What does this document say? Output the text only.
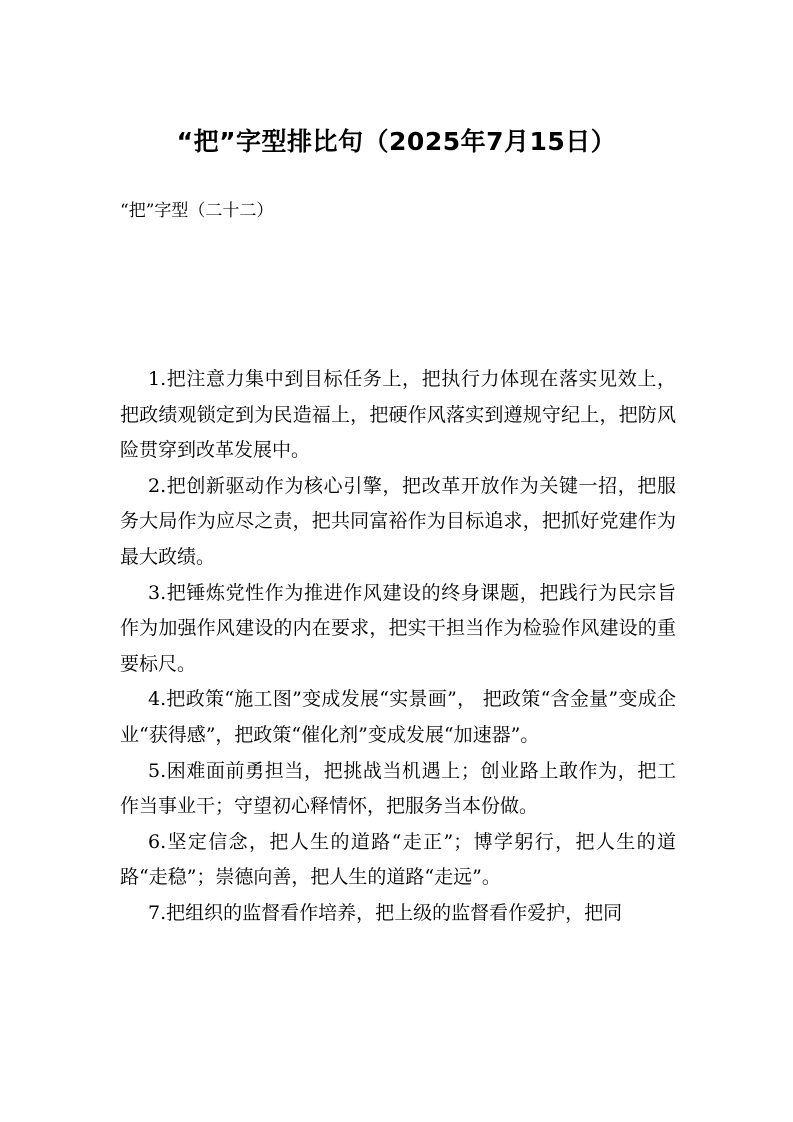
“把”字型排比句（2025年7月15日）
“把”字型（二十二）

1.把注意力集中到目标任务上，把执行力体现在落实见效上，把政绩观锁定到为民造福上，把硬作风落实到遵规守纪上，把防风险贯穿到改革发展中。

2.把创新驱动作为核心引擎，把改革开放作为关键一招，把服务大局作为应尽之责，把共同富裕作为目标追求，把抓好党建作为最大政绩。

3.把锤炼党性作为推进作风建设的终身课题，把践行为民宗旨作为加强作风建设的内在要求，把实干担当作为检验作风建设的重要标尺。

4.把政策“施工图”变成发展“实景画”， 把政策“含金量”变成企业“获得感”，把政策“催化剂”变成发展“加速器”。

5.困难面前勇担当，把挑战当机遇上；创业路上敢作为，把工作当事业干；守望初心释情怀，把服务当本份做。

6.坚定信念，把人生的道路“走正”；博学躬行，把人生的道路“走稳”；崇德向善，把人生的道路“走远”。

7.把组织的监督看作培养，把上级的监督看作爱护，把同
